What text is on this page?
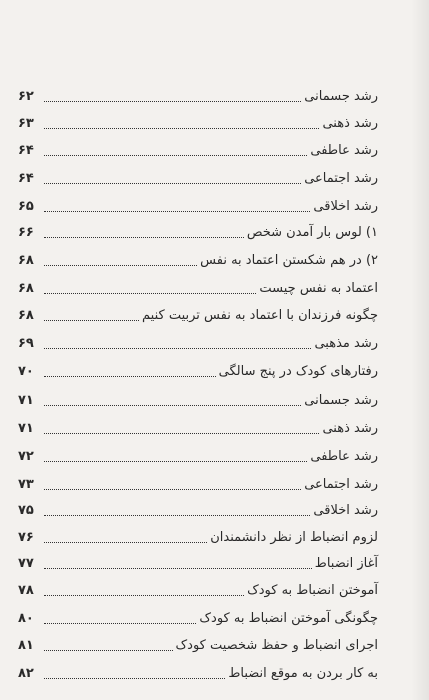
رشد جسمانی
۶۲
رشد ذهنی
۶۳
رشد عاطفی
۶۴
رشد اجتماعی
۶۴
رشد اخلاقی
۶۵
۱) لوس بار آمدن شخص
۶۶
۲) در هم شکستن اعتماد به نفس
۶۸
اعتماد به نفس چیست
۶۸
چگونه فرزندان با اعتماد به نفس تربیت کنیم
۶۸
رشد مذهبی
۶۹
رفتارهای کودک در پنج سالگی
۷۰
رشد جسمانی
۷۱
رشد ذهنی
۷۱
رشد عاطفی
۷۲
رشد اجتماعی
۷۳
رشد اخلاقی
۷۵
لزوم انضباط از نظر دانشمندان
۷۶
آغاز انضباط
۷۷
آموختن انضباط به کودک
۷۸
چگونگی آموختن انضباط به کودک
۸۰
اجرای انضباط و حفظ شخصیت کودک
۸۱
به کار بردن به موقع انضباط
۸۲
